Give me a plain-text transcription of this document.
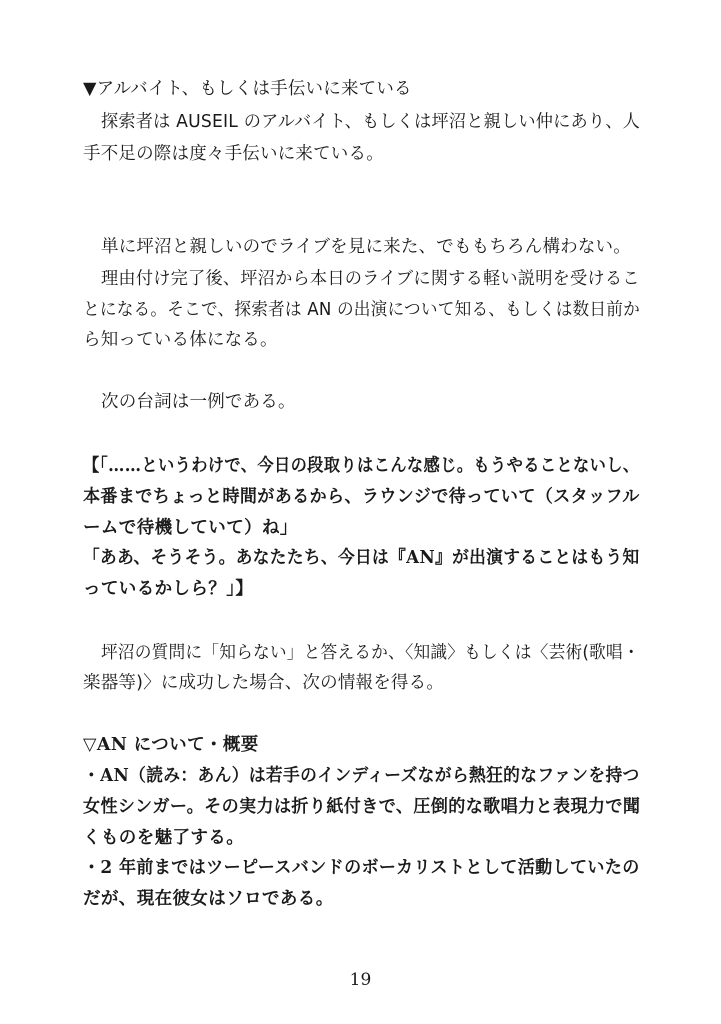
▼アルバイト、もしくは手伝いに来ている
探索者は AUSEIL のアルバイト、もしくは坪沼と親しい仲にあり、人
手不足の際は度々手伝いに来ている。
単に坪沼と親しいのでライブを見に来た、でももちろん構わない。
理由付け完了後、坪沼から本日のライブに関する軽い説明を受けるこ
とになる。そこで、探索者は AN の出演について知る、もしくは数日前か
ら知っている体になる。
次の台詞は一例である。
【「……というわけで、今日の段取りはこんな感じ。もうやることないし、
本番までちょっと時間があるから、ラウンジで待っていて（スタッフル
ームで待機していて）ね」
「ああ、そうそう。あなたたち、今日は『AN』が出演することはもう知
っているかしら？」】
坪沼の質問に「知らない」と答えるか、〈知識〉もしくは〈芸術(歌唱・
楽器等)〉に成功した場合、次の情報を得る。
▽AN について・概要
・AN（読み：あん）は若手のインディーズながら熱狂的なファンを持つ
女性シンガー。その実力は折り紙付きで、圧倒的な歌唱力と表現力で聞
くものを魅了する。
・2 年前まではツーピースバンドのボーカリストとして活動していたの
だが、現在彼女はソロである。
19
